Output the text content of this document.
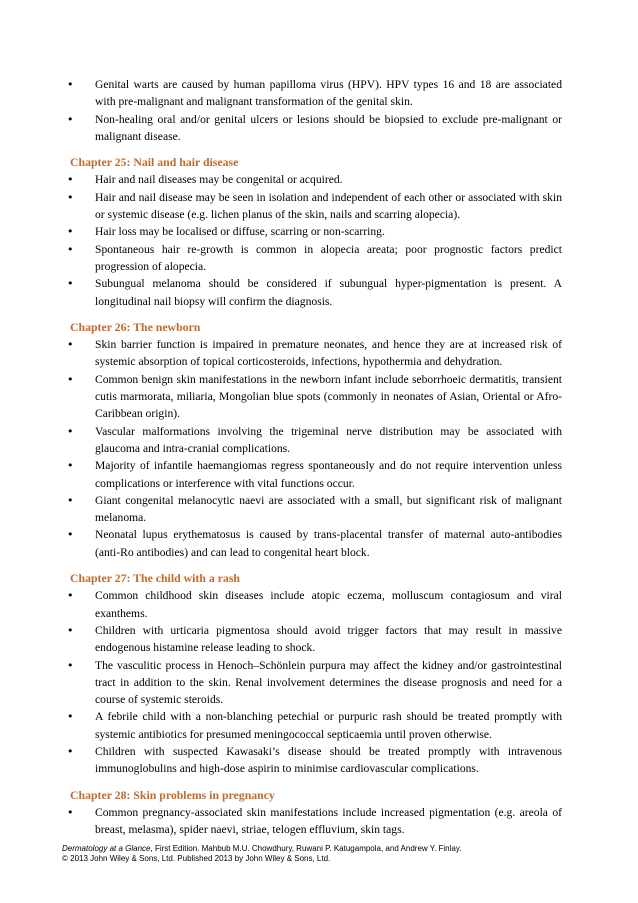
• Genital warts are caused by human papilloma virus (HPV). HPV types 16 and 18 are associated with pre-malignant and malignant transformation of the genital skin.
• Non-healing oral and/or genital ulcers or lesions should be biopsied to exclude pre-malignant or malignant disease.
Chapter 25: Nail and hair disease
• Hair and nail diseases may be congenital or acquired.
• Hair and nail disease may be seen in isolation and independent of each other or associated with skin or systemic disease (e.g. lichen planus of the skin, nails and scarring alopecia).
• Hair loss may be localised or diffuse, scarring or non-scarring.
• Spontaneous hair re-growth is common in alopecia areata; poor prognostic factors predict progression of alopecia.
• Subungual melanoma should be considered if subungual hyper-pigmentation is present. A longitudinal nail biopsy will confirm the diagnosis.
Chapter 26: The newborn
• Skin barrier function is impaired in premature neonates, and hence they are at increased risk of systemic absorption of topical corticosteroids, infections, hypothermia and dehydration.
• Common benign skin manifestations in the newborn infant include seborrhoeic dermatitis, transient cutis marmorata, miliaria, Mongolian blue spots (commonly in neonates of Asian, Oriental or Afro-Caribbean origin).
• Vascular malformations involving the trigeminal nerve distribution may be associated with glaucoma and intra-cranial complications.
• Majority of infantile haemangiomas regress spontaneously and do not require intervention unless complications or interference with vital functions occur.
• Giant congenital melanocytic naevi are associated with a small, but significant risk of malignant melanoma.
• Neonatal lupus erythematosus is caused by trans-placental transfer of maternal auto-antibodies (anti-Ro antibodies) and can lead to congenital heart block.
Chapter 27: The child with a rash
• Common childhood skin diseases include atopic eczema, molluscum contagiosum and viral exanthems.
• Children with urticaria pigmentosa should avoid trigger factors that may result in massive endogenous histamine release leading to shock.
• The vasculitic process in Henoch–Schönlein purpura may affect the kidney and/or gastrointestinal tract in addition to the skin. Renal involvement determines the disease prognosis and need for a course of systemic steroids.
• A febrile child with a non-blanching petechial or purpuric rash should be treated promptly with systemic antibiotics for presumed meningococcal septicaemia until proven otherwise.
• Children with suspected Kawasaki’s disease should be treated promptly with intravenous immunoglobulins and high-dose aspirin to minimise cardiovascular complications.
Chapter 28: Skin problems in pregnancy
• Common pregnancy-associated skin manifestations include increased pigmentation (e.g. areola of breast, melasma), spider naevi, striae, telogen effluvium, skin tags.
Dermatology at a Glance, First Edition. Mahbub M.U. Chowdhury, Ruwani P. Katugampola, and Andrew Y. Finlay.
© 2013 John Wiley & Sons, Ltd. Published 2013 by John Wiley & Sons, Ltd.
